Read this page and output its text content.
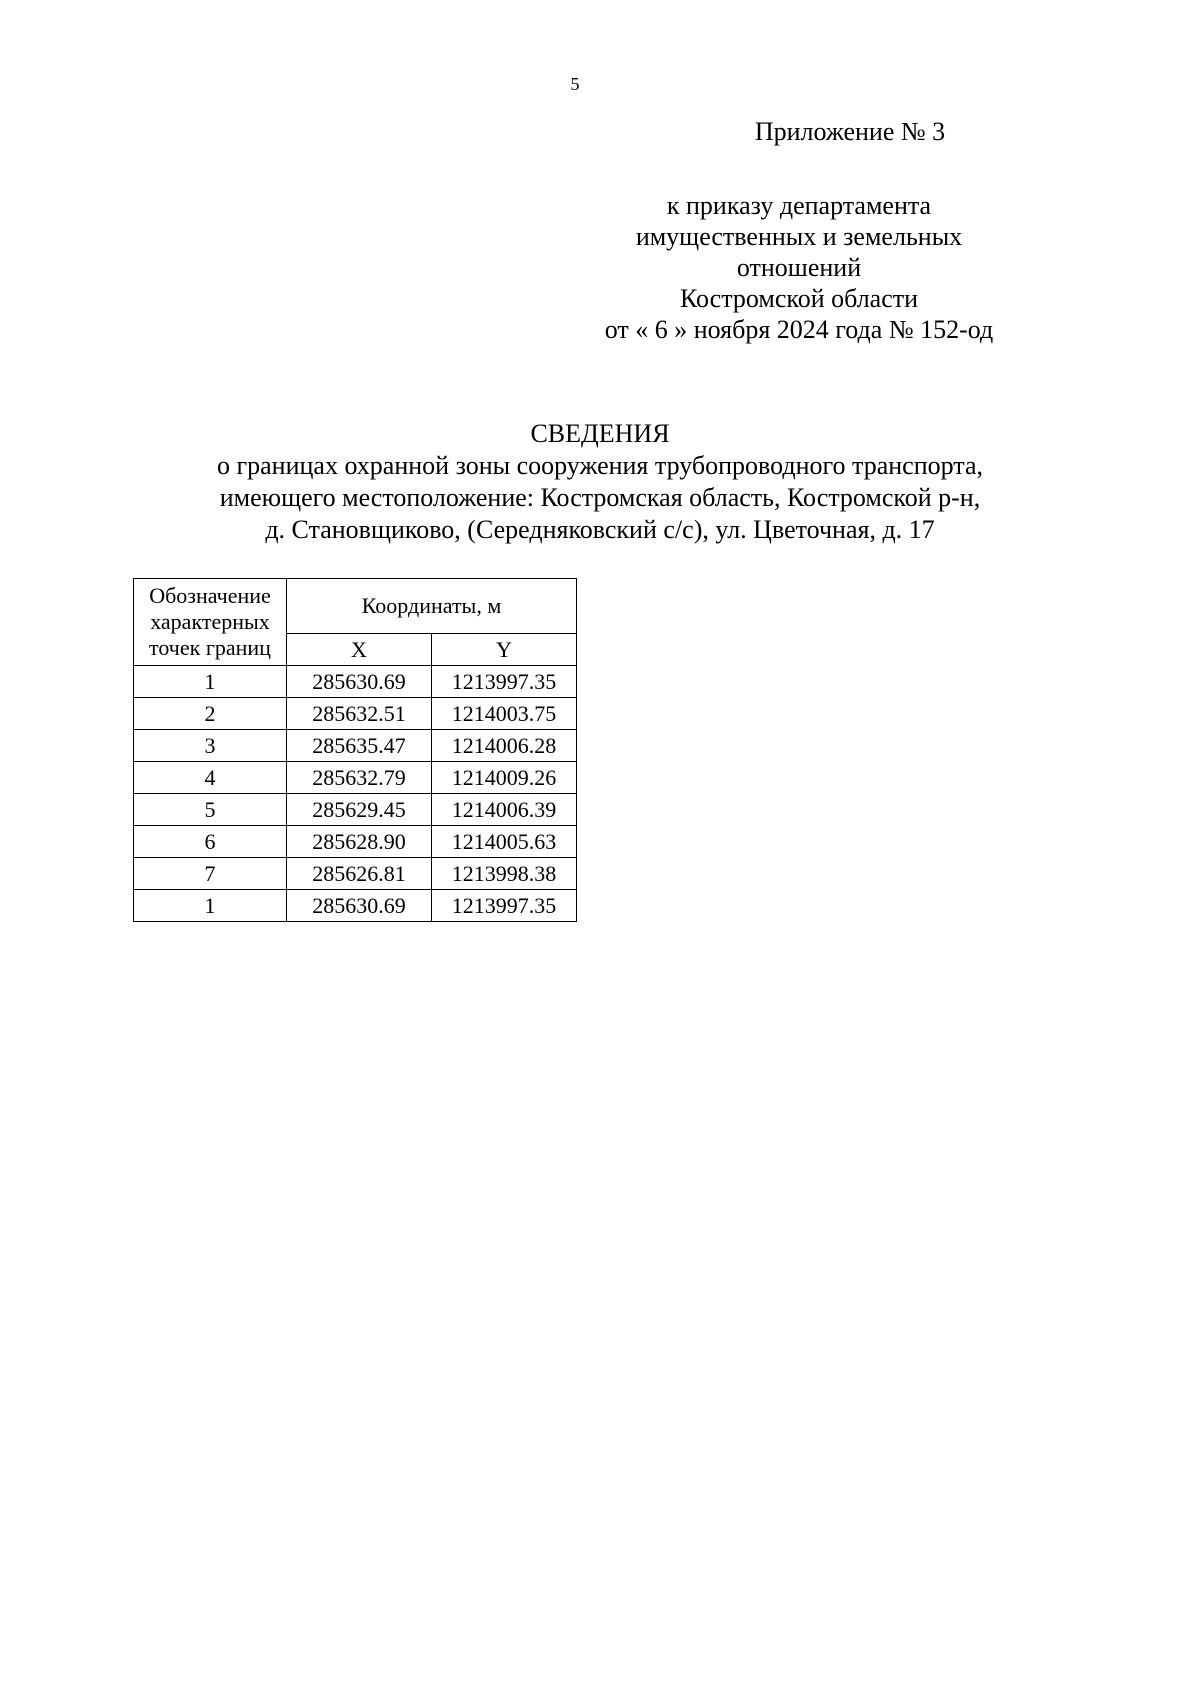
5
Приложение № 3
к приказу департамента
имущественных и земельных
отношений
Костромской области
от « 6 » ноября 2024 года № 152-од
СВЕДЕНИЯ
о границах охранной зоны сооружения трубопроводного транспорта,
имеющего местоположение: Костромская область, Костромской р-н,
д. Становщиково, (Середняковский с/с), ул. Цветочная, д. 17
Обозначение
характерных
точек границ	Координаты, м	
	X	Y
1	285630.69	1213997.35
2	285632.51	1214003.75
3	285635.47	1214006.28
4	285632.79	1214009.26
5	285629.45	1214006.39
6	285628.90	1214005.63
7	285626.81	1213998.38
1	285630.69	1213997.35
